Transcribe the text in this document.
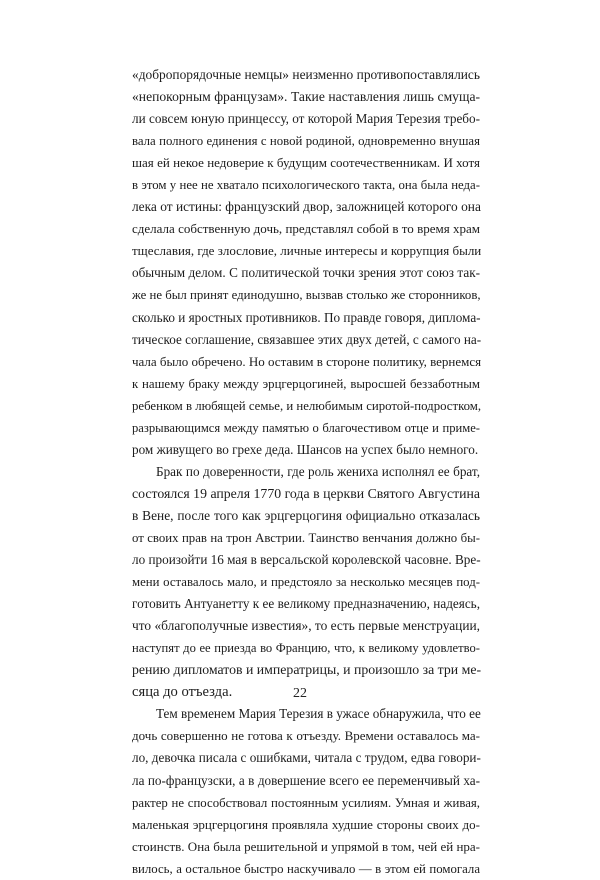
«добропорядочные немцы» неизменно противопоставлялись
«непокорным французам». Такие наставления лишь смуща-
ли совсем юную принцессу, от которой Мария Терезия требо-
вала полного единения с новой родиной, одновременно внушая
шая ей некое недоверие к будущим соотечественникам. И хотя
в этом у нее не хватало психологического такта, она была неда-
лека от истины: французский двор, заложницей которого она
сделала собственную дочь, представлял собой в то время храм
тщеславия, где злословие, личные интересы и коррупция были
обычным делом. С политической точки зрения этот союз так-
же не был принят единодушно, вызвав столько же сторонников,
сколько и яростных противников. По правде говоря, диплома-
тическое соглашение, связавшее этих двух детей, с самого на-
чала было обречено. Но оставим в стороне политику, вернемся
к нашему браку между эрцгерцогиней, выросшей беззаботным
ребенком в любящей семье, и нелюбимым сиротой-подростком,
разрывающимся между памятью о благочестивом отце и приме-
ром живущего во грехе деда. Шансов на успех было немного.
Брак по доверенности, где роль жениха исполнял ее брат,
состоялся 19 апреля 1770 года в церкви Святого Августина
в Вене, после того как эрцгерцогиня официально отказалась
от своих прав на трон Австрии. Таинство венчания должно бы-
ло произойти 16 мая в версальской королевской часовне. Вре-
мени оставалось мало, и предстояло за несколько месяцев под-
готовить Антуанетту к ее великому предназначению, надеясь,
что «благополучные известия», то есть первые менструации,
наступят до ее приезда во Францию, что, к великому удовлетво-
рению дипломатов и императрицы, и произошло за три ме-
сяца до отъезда.
Тем временем Мария Терезия в ужасе обнаружила, что ее
дочь совершенно не готова к отъезду. Времени оставалось ма-
ло, девочка писала с ошибками, читала с трудом, едва говори-
ла по-французски, а в довершение всего ее переменчивый ха-
рактер не способствовал постоянным усилиям. Умная и живая,
маленькая эрцгерцогиня проявляла худшие стороны своих до-
стоинств. Она была решительной и упрямой в том, чей ей нра-
вилось, а остальное быстро наскучивало — в этом ей помогала
22
